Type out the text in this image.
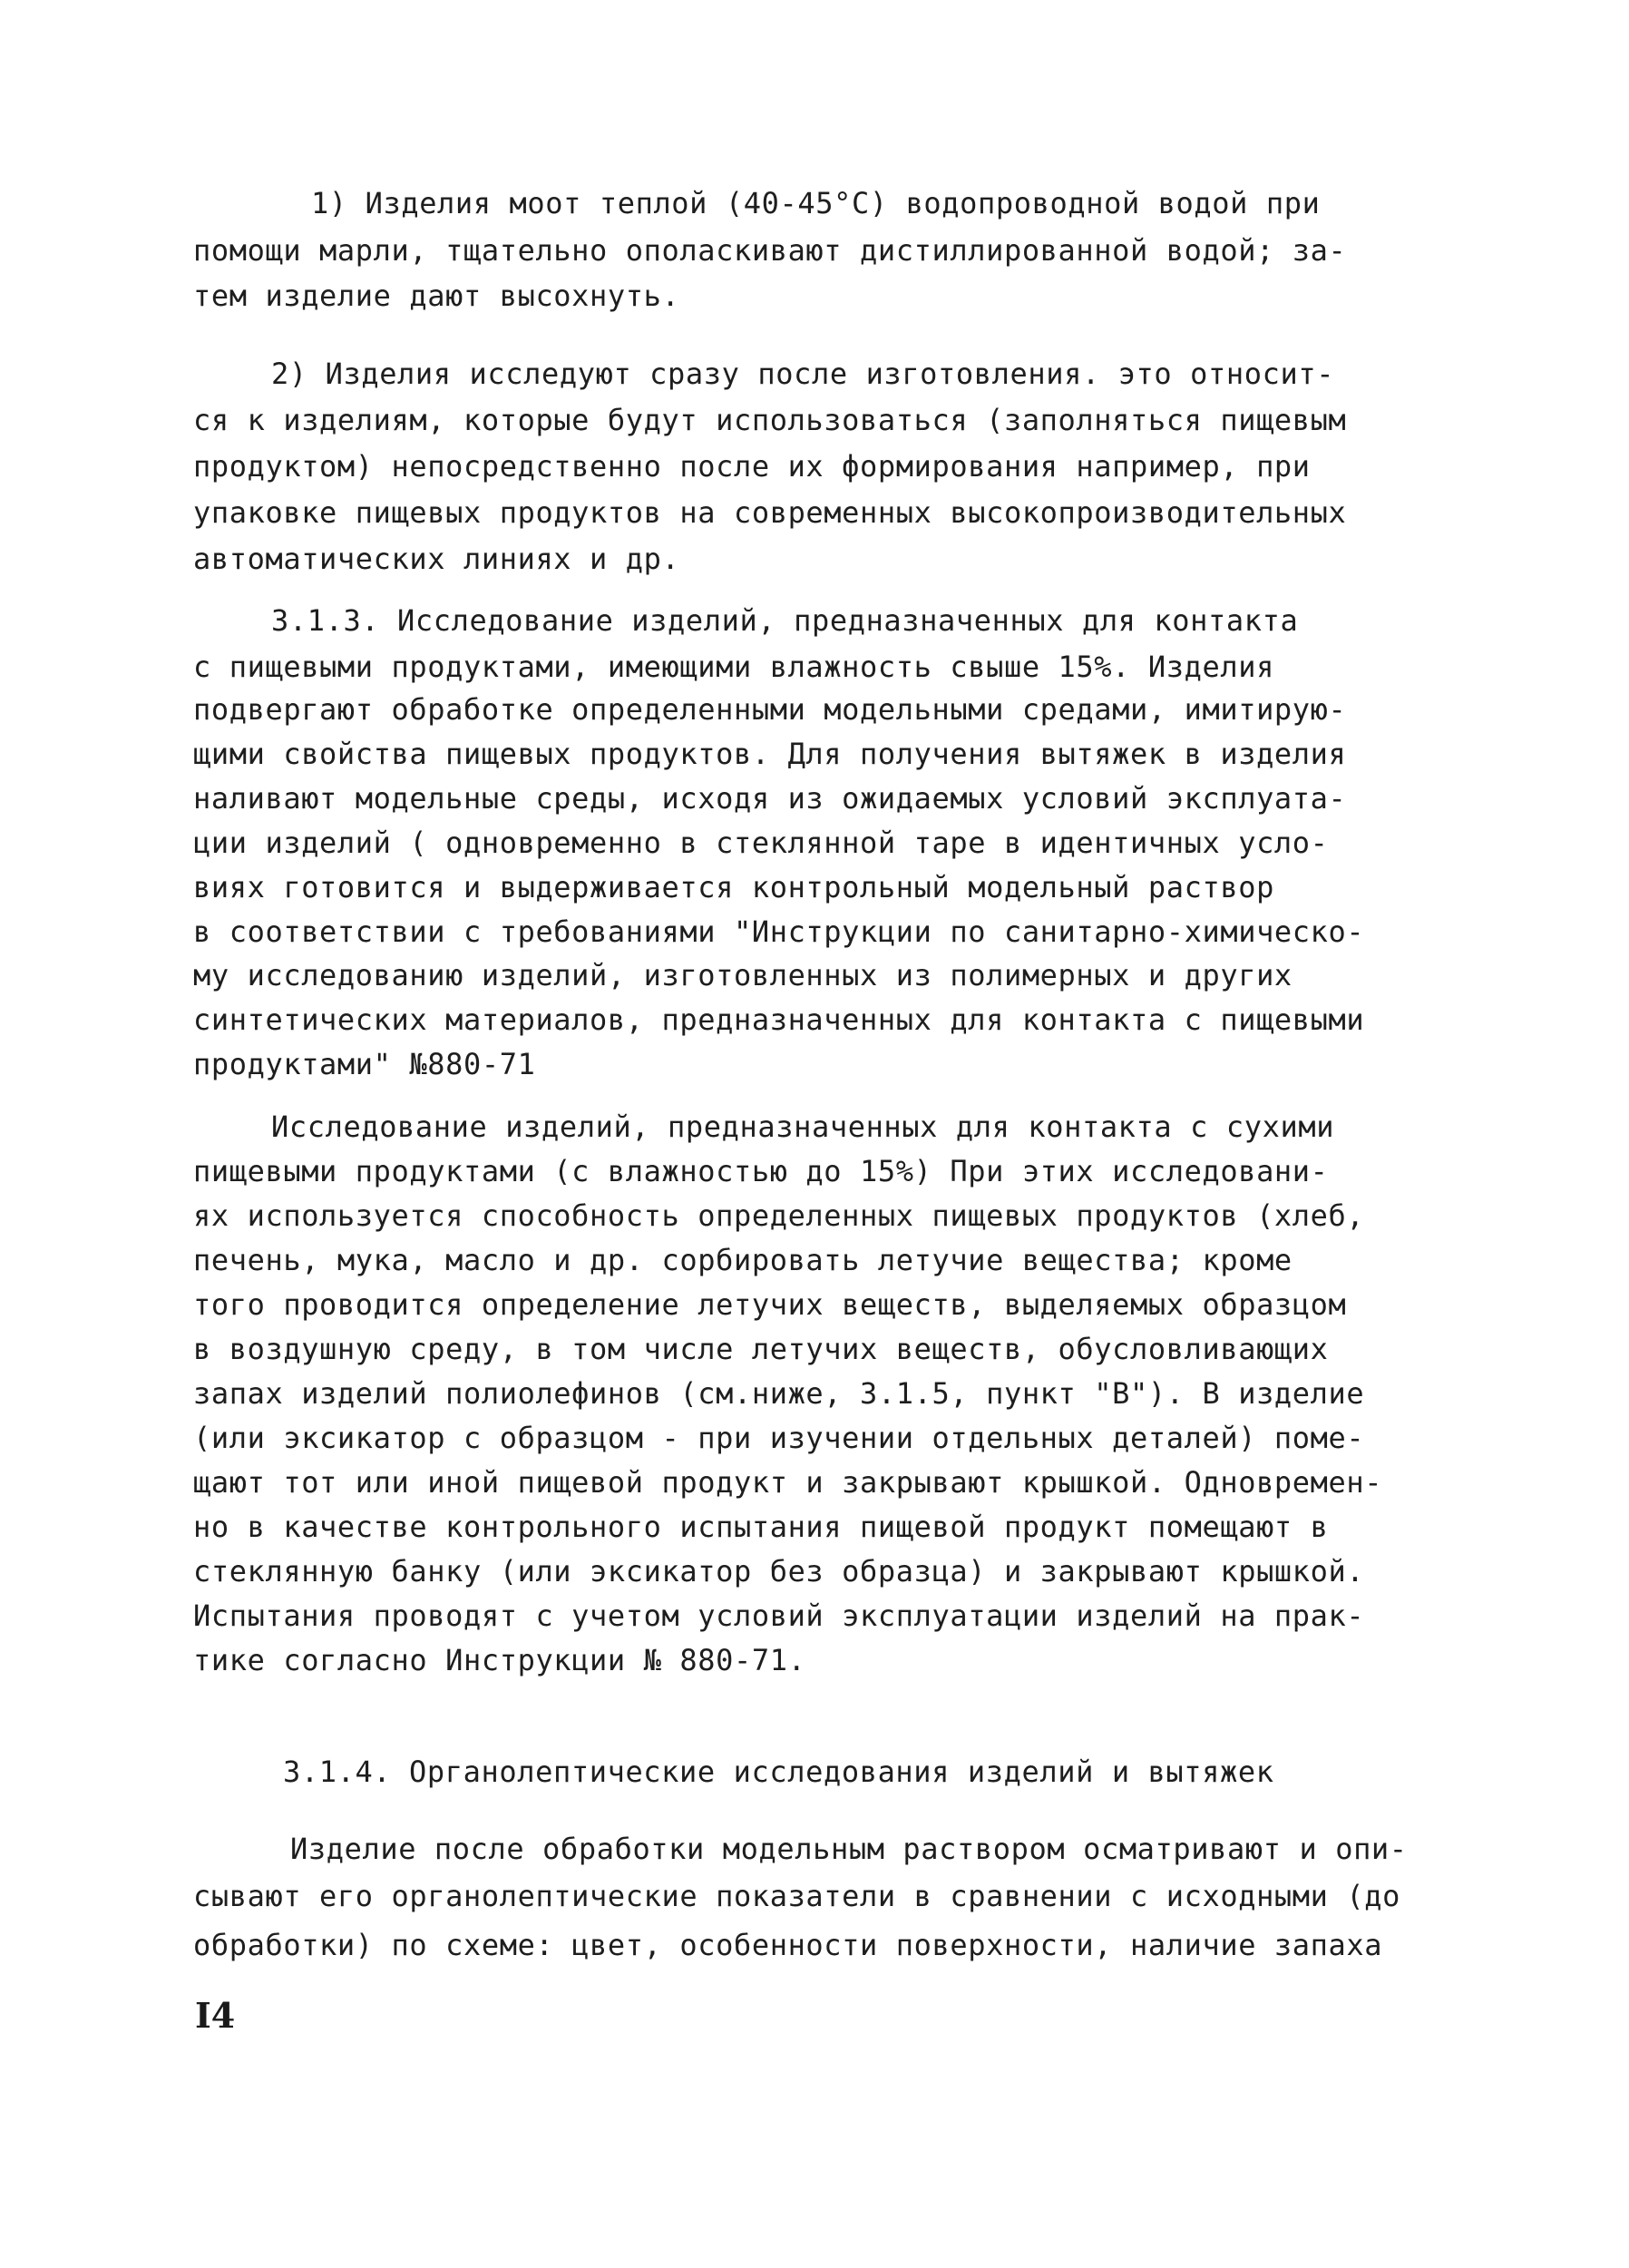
1) Изделия моот теплой (40-45°С) водопроводной водой при
помощи марли, тщательно ополаскивают дистиллированной водой; за-
тем изделие дают высохнуть.
2) Изделия исследуют сразу после изготовления. это относит-
ся к изделиям, которые будут использоваться (заполняться пищевым
продуктом) непосредственно после их формирования например, при
упаковке пищевых продуктов на современных высокопроизводительных
автоматических линиях и др.
3.1.3. Исследование изделий, предназначенных для контакта
с пищевыми продуктами, имеющими влажность свыше 15%. Изделия
подвергают обработке определенными модельными средами, имитирую-
щими свойства пищевых продуктов. Для получения вытяжек в изделия
наливают модельные среды, исходя из ожидаемых условий эксплуата-
ции изделий ( одновременно в стеклянной таре в идентичных усло-
виях готовится и выдерживается контрольный модельный раствор
в соответствии с требованиями "Инструкции по санитарно-химическо-
му исследованию изделий, изготовленных из полимерных и других
синтетических материалов, предназначенных для контакта с пищевыми
продуктами" №880-71
Исследование изделий, предназначенных для контакта с сухими
пищевыми продуктами (с влажностью до 15%) При этих исследовани-
ях используется способность определенных пищевых продуктов (хлеб,
печень, мука, масло и др. сорбировать летучие вещества; кроме
того проводится определение летучих веществ, выделяемых образцом
в воздушную среду, в том числе летучих веществ, обусловливающих
запах изделий полиолефинов (см.ниже, 3.1.5, пункт "В"). В изделие
(или эксикатор с образцом - при изучении отдельных деталей) поме-
щают тот или иной пищевой продукт и закрывают крышкой. Одновремен-
но в качестве контрольного испытания пищевой продукт помещают в
стеклянную банку (или эксикатор без образца) и закрывают крышкой.
Испытания проводят с учетом условий эксплуатации изделий на прак-
тике согласно Инструкции № 880-71.
3.1.4. Органолептические исследования изделий и вытяжек
Изделие после обработки модельным раствором осматривают и опи-
сывают его органолептические показатели в сравнении с исходными (до
обработки) по схеме: цвет, особенности поверхности, наличие запаха
I4
